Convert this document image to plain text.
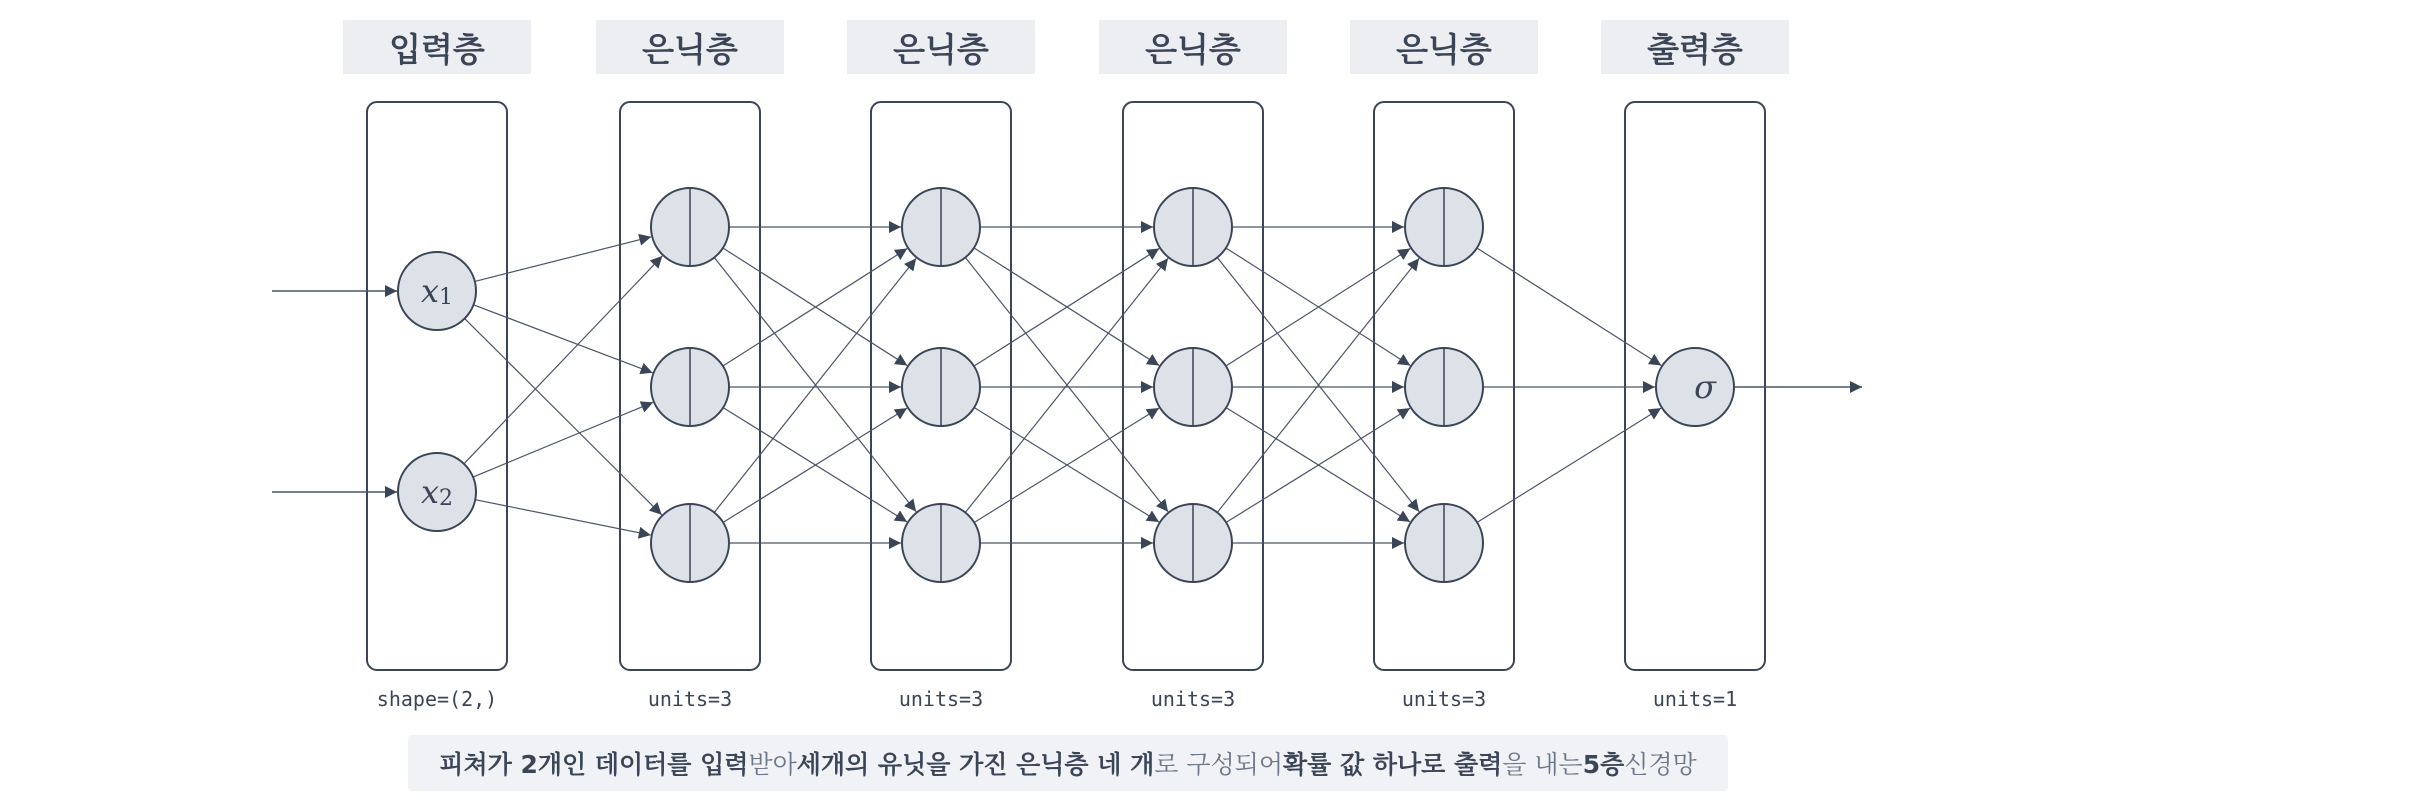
입력층	은닉층	은닉층	은닉층	은닉층	출력층
shape=(2,)	units=3	units=3	units=3	units=3	units=1
$x_1$
$x_2$
σ
피쳐가 2개인 데이터를 입력 받아 세개의 유닛을 가진 은닉층 네 개 로 구성되어 확률 값 하나로 출력 을 내는 5층 신경망
